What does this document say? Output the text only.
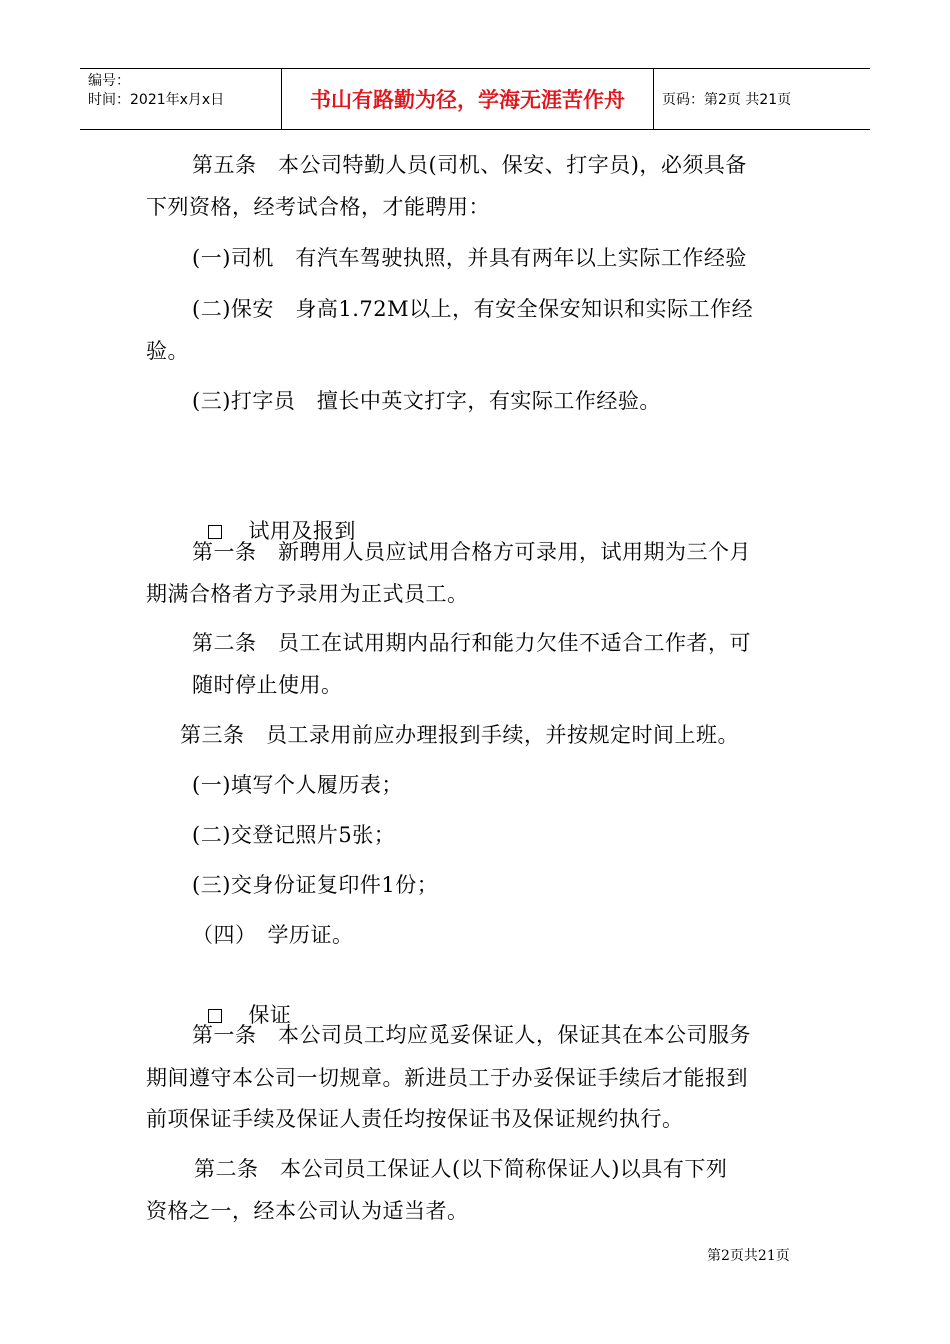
编号：
时间：2021年x月x日	书山有路勤为径，学海无涯苦作舟	页码：第2页 共21页
第五条　本公司特勤人员(司机、保安、打字员)，必须具备
下列资格，经考试合格，才能聘用：
(一)司机　有汽车驾驶执照，并具有两年以上实际工作经验
(二)保安　身高1.72M以上，有安全保安知识和实际工作经
验。
(三)打字员　擅长中英文打字，有实际工作经验。

试用及报到

第一条　新聘用人员应试用合格方可录用，试用期为三个月
期满合格者方予录用为正式员工。
第二条　员工在试用期内品行和能力欠佳不适合工作者，可
随时停止使用。
第三条　员工录用前应办理报到手续，并按规定时间上班。
(一)填写个人履历表；
(二)交登记照片5张；
(三)交身份证复印件1份；
（四）　学历证。

保证

第一条　本公司员工均应觅妥保证人，保证其在本公司服务
期间遵守本公司一切规章。新进员工于办妥保证手续后才能报到
前项保证手续及保证人责任均按保证书及保证规约执行。
第二条　本公司员工保证人(以下简称保证人)以具有下列
资格之一，经本公司认为适当者。
第2页共21页
